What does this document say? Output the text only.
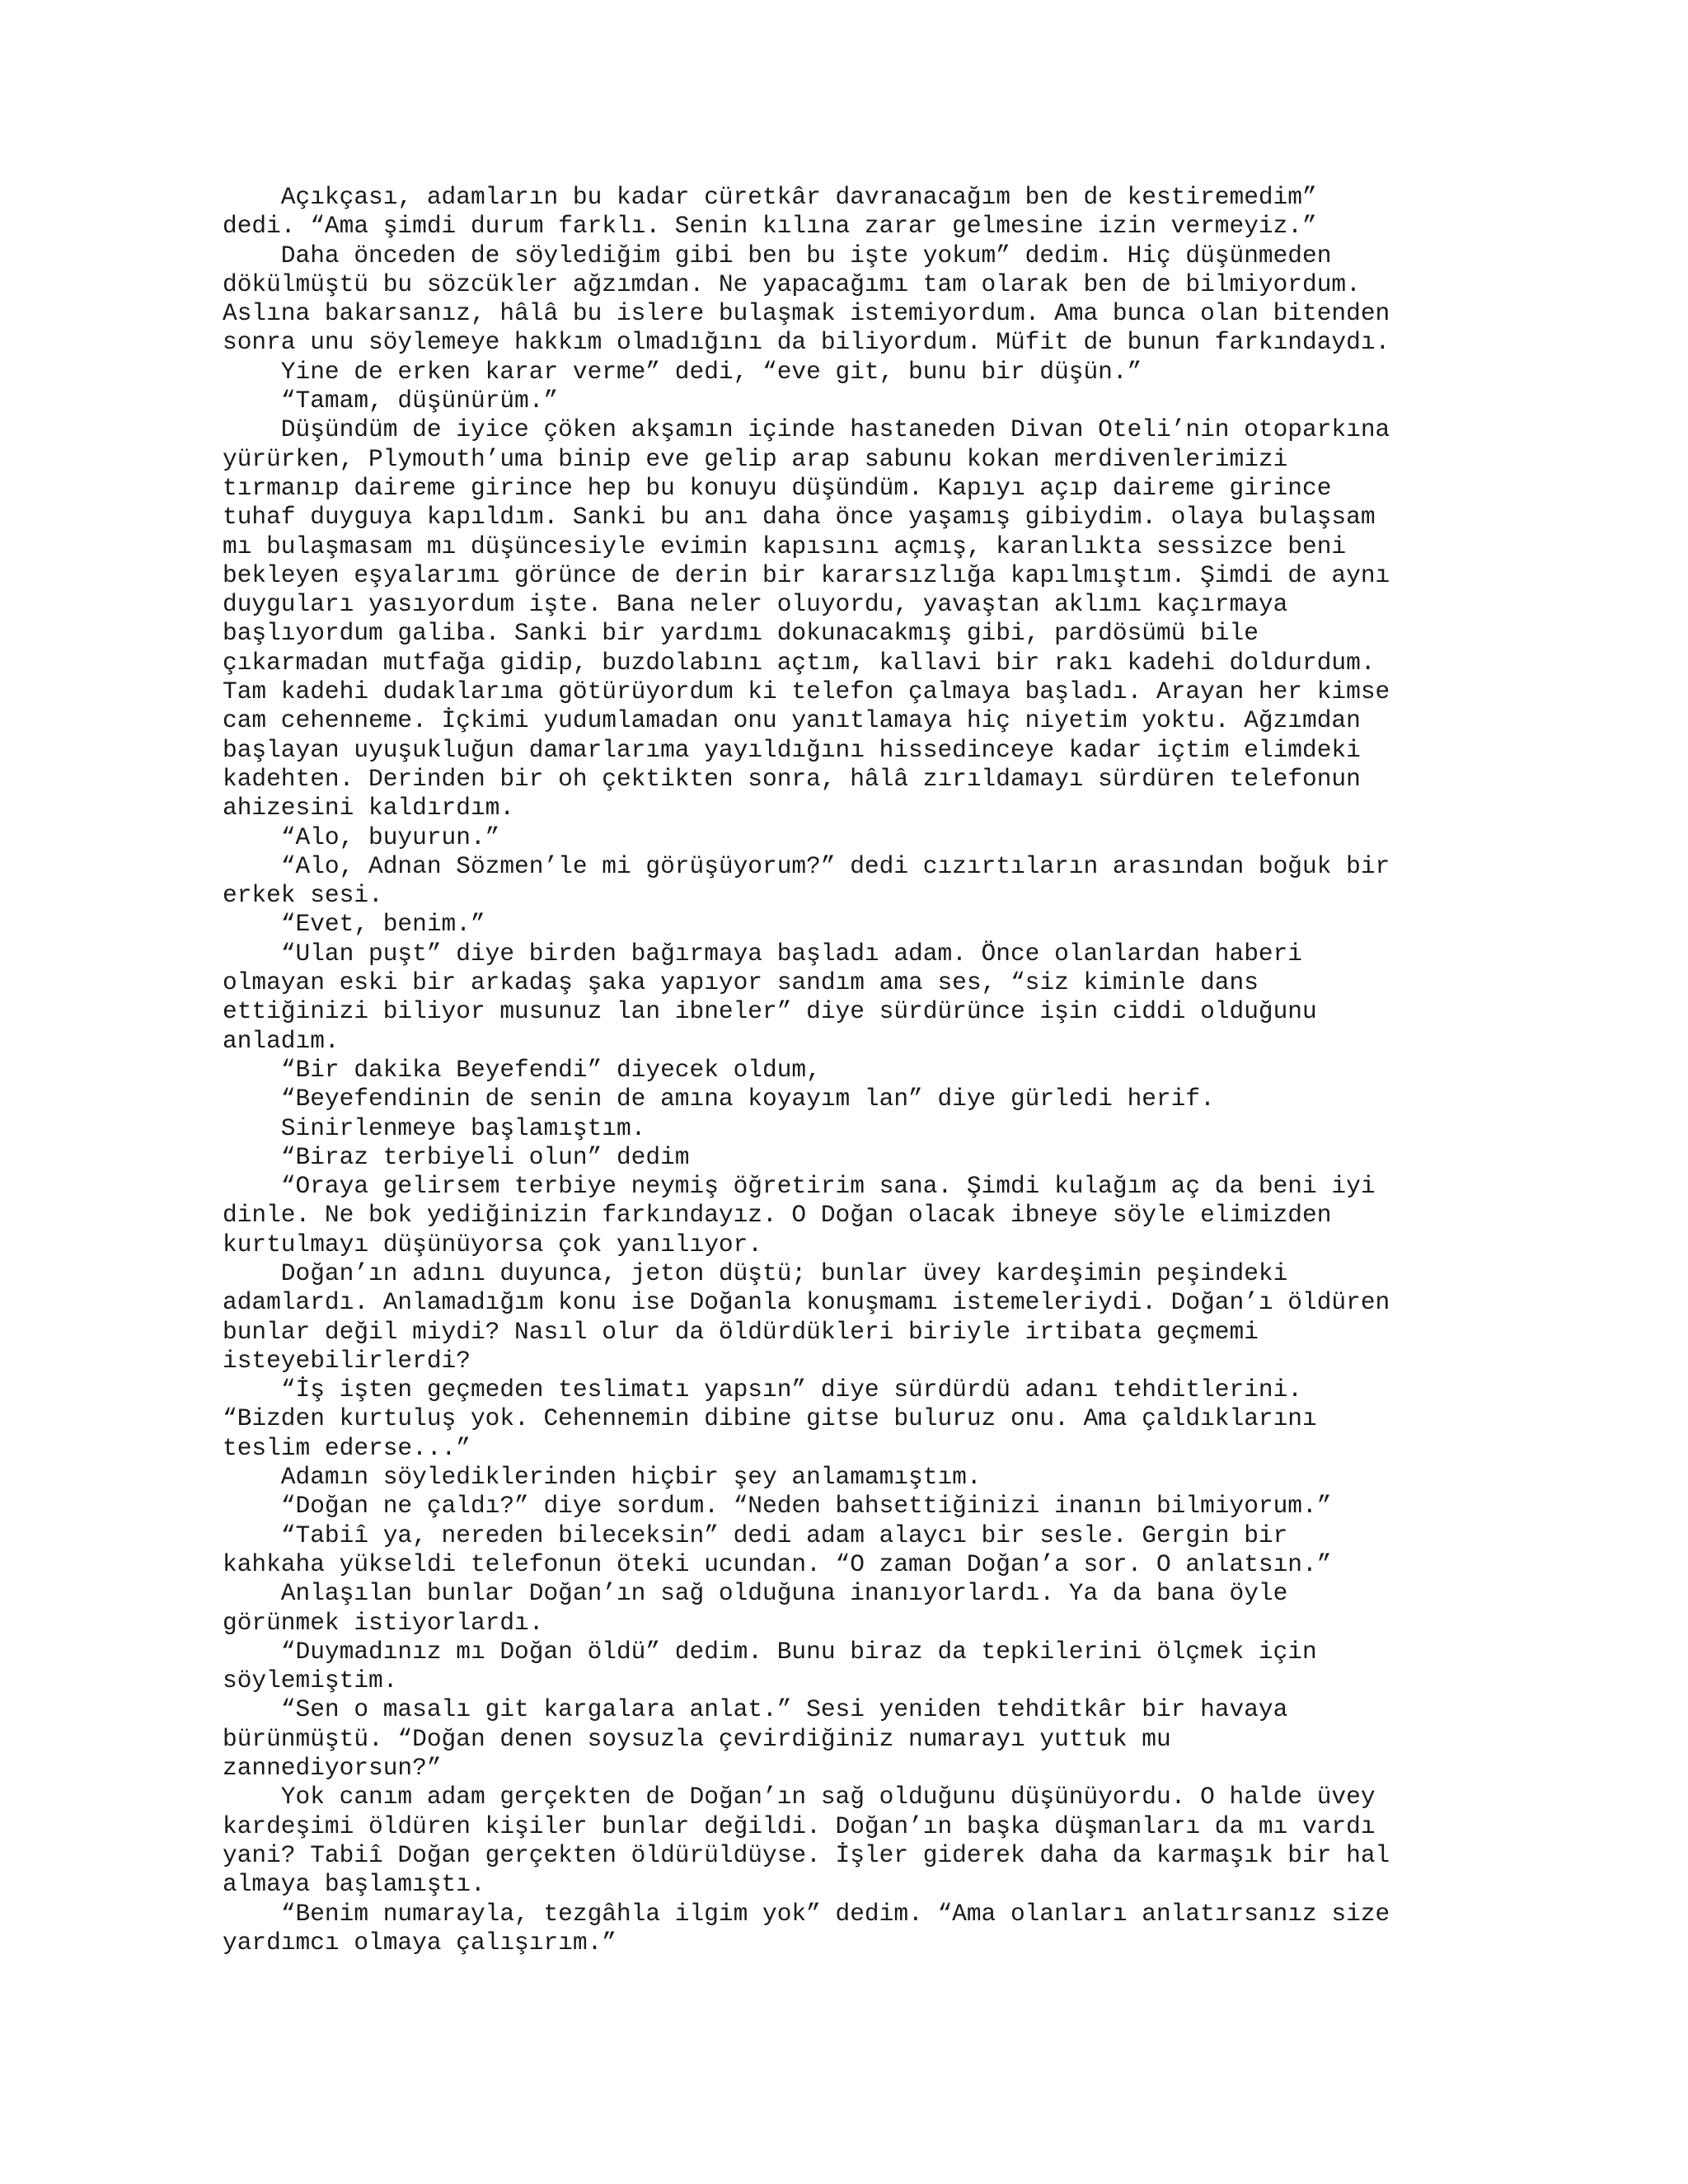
Açıkçası, adamların bu kadar cüretkâr davranacağım ben de kestiremedim”
dedi. “Ama şimdi durum farklı. Senin kılına zarar gelmesine izin vermeyiz.”
Daha önceden de söylediğim gibi ben bu işte yokum” dedim. Hiç düşünmeden
dökülmüştü bu sözcükler ağzımdan. Ne yapacağımı tam olarak ben de bilmiyordum.
Aslına bakarsanız, hâlâ bu islere bulaşmak istemiyordum. Ama bunca olan bitenden
sonra unu söylemeye hakkım olmadığını da biliyordum. Müfit de bunun farkındaydı.
Yine de erken karar verme” dedi, “eve git, bunu bir düşün.”
“Tamam, düşünürüm.”
Düşündüm de iyice çöken akşamın içinde hastaneden Divan Oteli’nin otoparkına
yürürken, Plymouth’uma binip eve gelip arap sabunu kokan merdivenlerimizi
tırmanıp daireme girince hep bu konuyu düşündüm. Kapıyı açıp daireme girince
tuhaf duyguya kapıldım. Sanki bu anı daha önce yaşamış gibiydim. olaya bulaşsam
mı bulaşmasam mı düşüncesiyle evimin kapısını açmış, karanlıkta sessizce beni
bekleyen eşyalarımı görünce de derin bir kararsızlığa kapılmıştım. Şimdi de aynı
duyguları yasıyordum işte. Bana neler oluyordu, yavaştan aklımı kaçırmaya
başlıyordum galiba. Sanki bir yardımı dokunacakmış gibi, pardösümü bile
çıkarmadan mutfağa gidip, buzdolabını açtım, kallavi bir rakı kadehi doldurdum.
Tam kadehi dudaklarıma götürüyordum ki telefon çalmaya başladı. Arayan her kimse
cam cehenneme. İçkimi yudumlamadan onu yanıtlamaya hiç niyetim yoktu. Ağzımdan
başlayan uyuşukluğun damarlarıma yayıldığını hissedinceye kadar içtim elimdeki
kadehten. Derinden bir oh çektikten sonra, hâlâ zırıldamayı sürdüren telefonun
ahizesini kaldırdım.
“Alo, buyurun.”
“Alo, Adnan Sözmen’le mi görüşüyorum?” dedi cızırtıların arasından boğuk bir
erkek sesi.
“Evet, benim.”
“Ulan puşt” diye birden bağırmaya başladı adam. Önce olanlardan haberi
olmayan eski bir arkadaş şaka yapıyor sandım ama ses, “siz kiminle dans
ettiğinizi biliyor musunuz lan ibneler” diye sürdürünce işin ciddi olduğunu
anladım.
“Bir dakika Beyefendi” diyecek oldum,
“Beyefendinin de senin de amına koyayım lan” diye gürledi herif.
Sinirlenmeye başlamıştım.
“Biraz terbiyeli olun” dedim
“Oraya gelirsem terbiye neymiş öğretirim sana. Şimdi kulağım aç da beni iyi
dinle. Ne bok yediğinizin farkındayız. O Doğan olacak ibneye söyle elimizden
kurtulmayı düşünüyorsa çok yanılıyor.
Doğan’ın adını duyunca, jeton düştü; bunlar üvey kardeşimin peşindeki
adamlardı. Anlamadığım konu ise Doğanla konuşmamı istemeleriydi. Doğan’ı öldüren
bunlar değil miydi? Nasıl olur da öldürdükleri biriyle irtibata geçmemi
isteyebilirlerdi?
“İş işten geçmeden teslimatı yapsın” diye sürdürdü adanı tehditlerini.
“Bizden kurtuluş yok. Cehennemin dibine gitse buluruz onu. Ama çaldıklarını
teslim ederse...”
Adamın söylediklerinden hiçbir şey anlamamıştım.
“Doğan ne çaldı?” diye sordum. “Neden bahsettiğinizi inanın bilmiyorum.”
“Tabiî ya, nereden bileceksin” dedi adam alaycı bir sesle. Gergin bir
kahkaha yükseldi telefonun öteki ucundan. “O zaman Doğan’a sor. O anlatsın.”
Anlaşılan bunlar Doğan’ın sağ olduğuna inanıyorlardı. Ya da bana öyle
görünmek istiyorlardı.
“Duymadınız mı Doğan öldü” dedim. Bunu biraz da tepkilerini ölçmek için
söylemiştim.
“Sen o masalı git kargalara anlat.” Sesi yeniden tehditkâr bir havaya
bürünmüştü. “Doğan denen soysuzla çevirdiğiniz numarayı yuttuk mu
zannediyorsun?”
Yok canım adam gerçekten de Doğan’ın sağ olduğunu düşünüyordu. O halde üvey
kardeşimi öldüren kişiler bunlar değildi. Doğan’ın başka düşmanları da mı vardı
yani? Tabiî Doğan gerçekten öldürüldüyse. İşler giderek daha da karmaşık bir hal
almaya başlamıştı.
“Benim numarayla, tezgâhla ilgim yok” dedim. “Ama olanları anlatırsanız size
yardımcı olmaya çalışırım.”
